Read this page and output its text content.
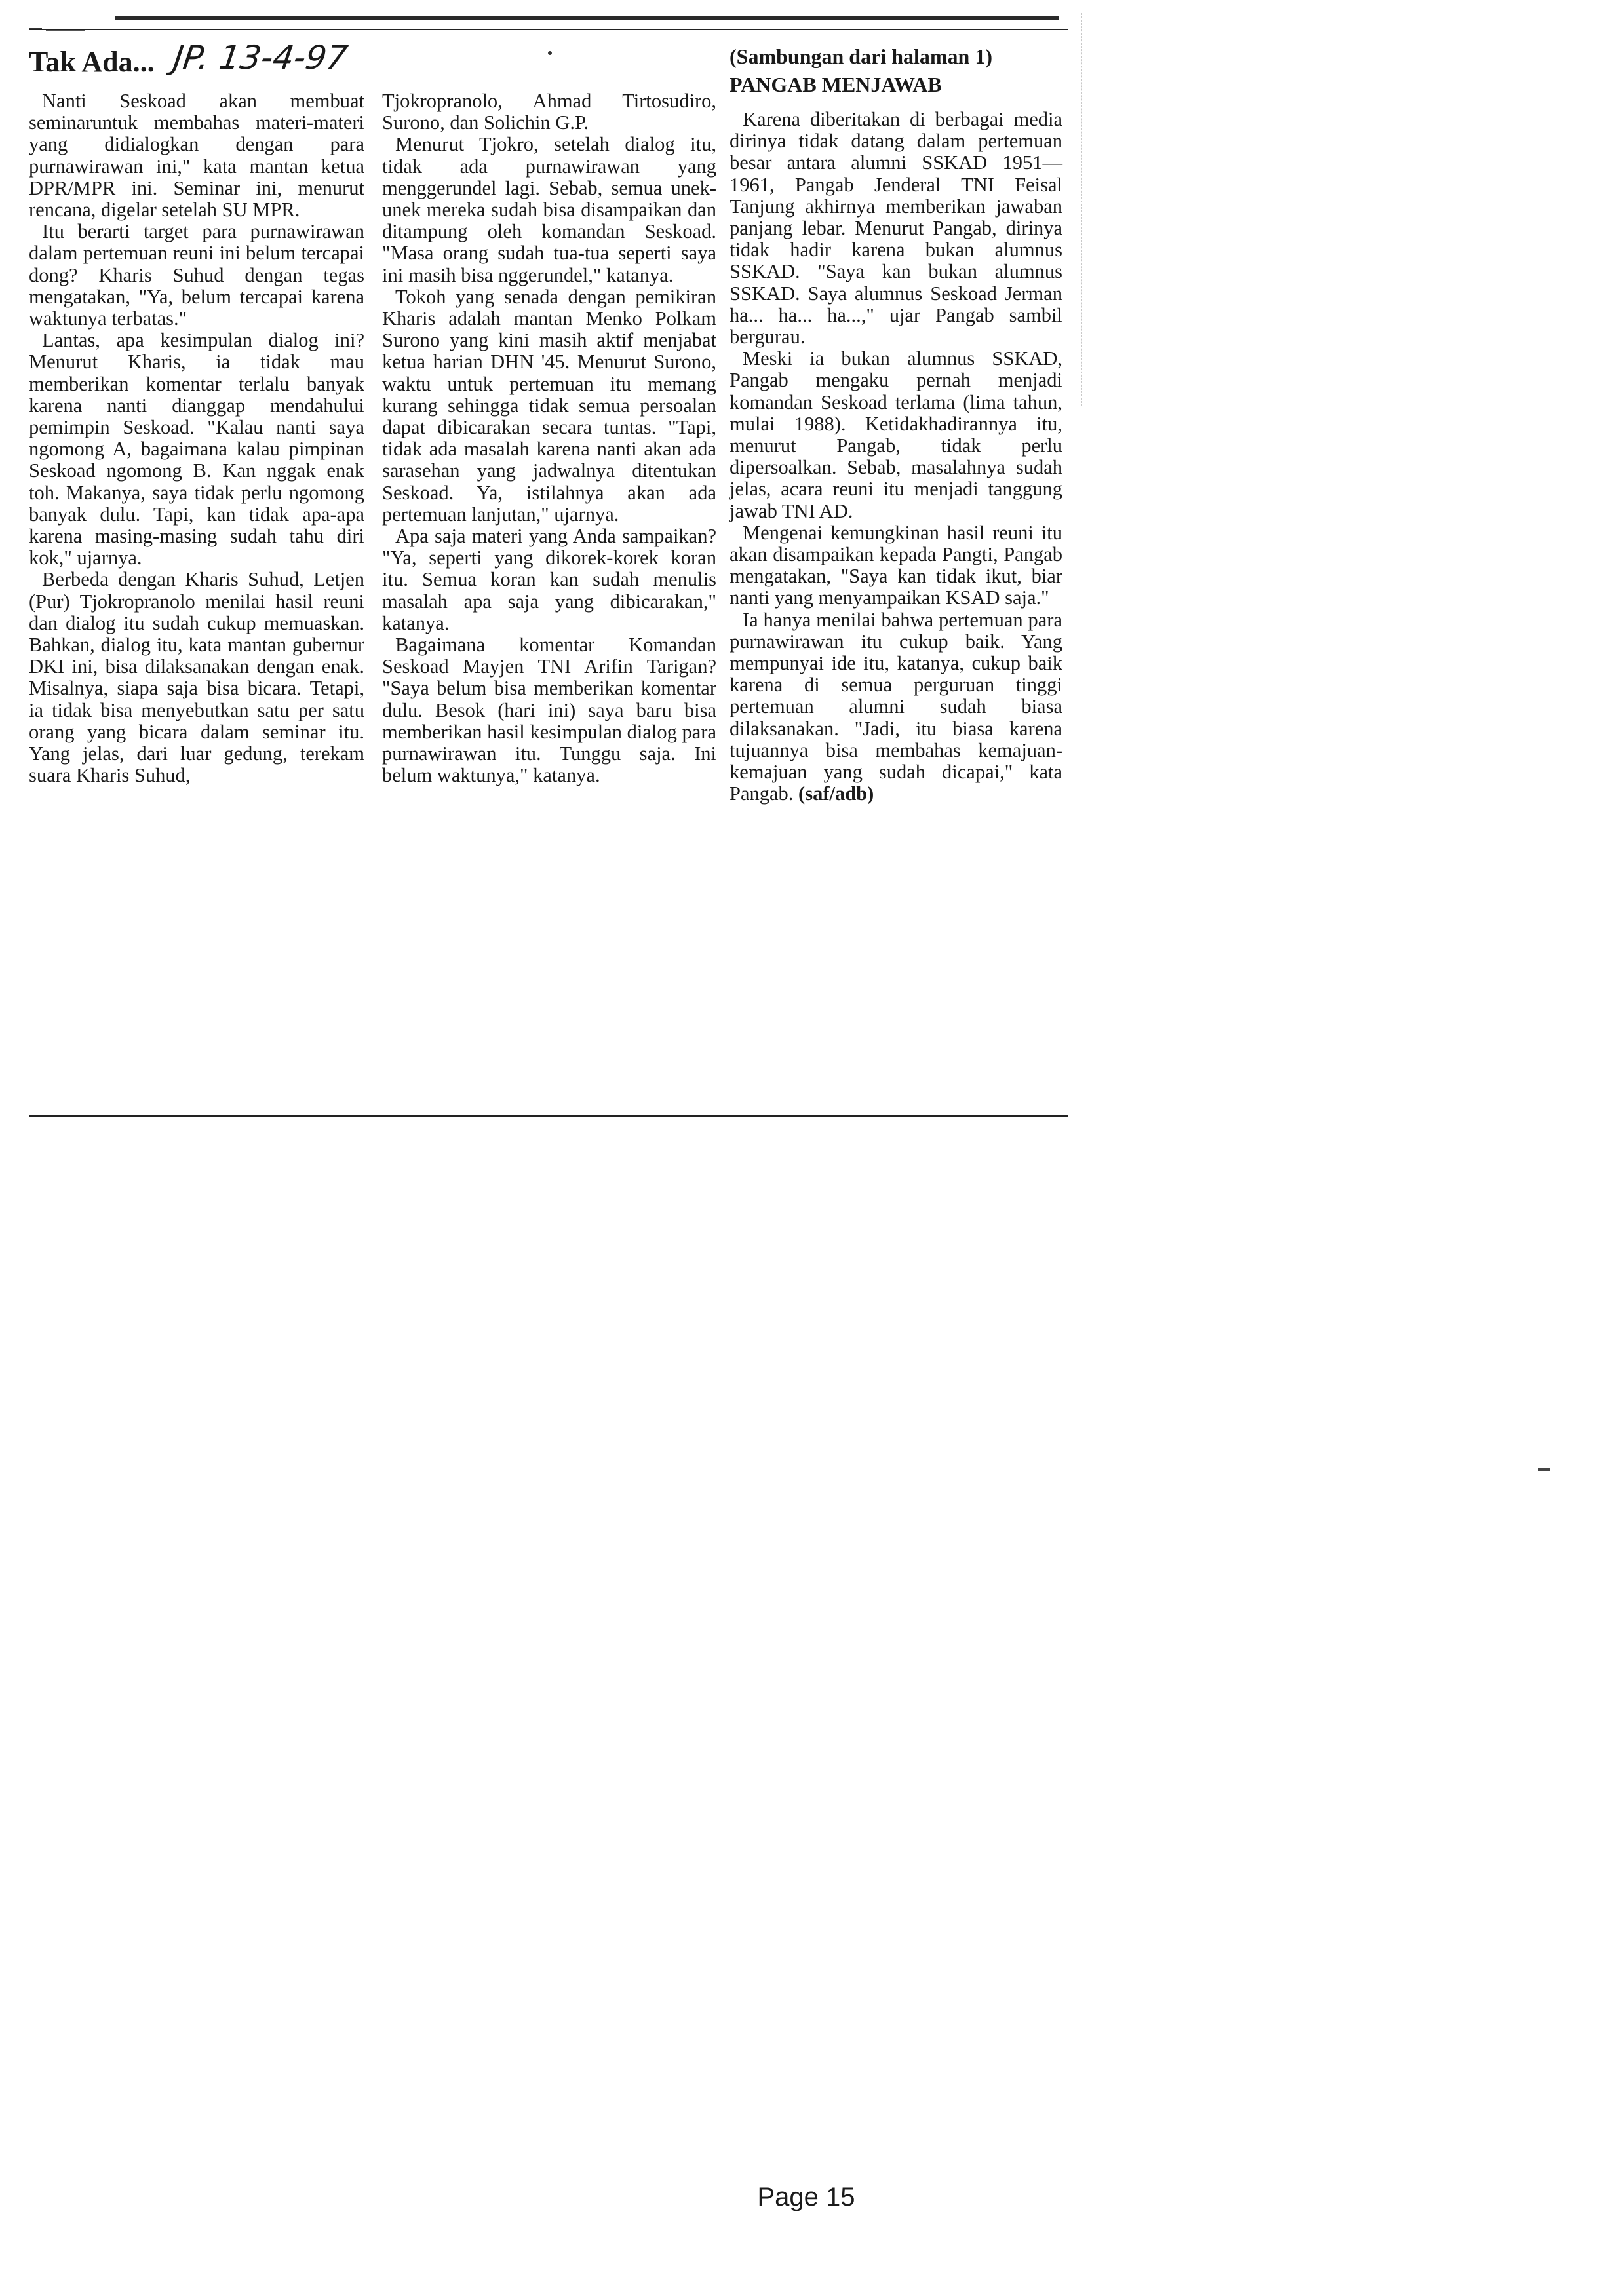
Tak Ada... JP. 13-4-97	(Sambungan dari halaman 1)
PANGAB MENJAWAB

Nanti Seskoad akan membuat seminaruntuk membahas materi-materi yang didialogkan dengan para purnawirawan ini," kata mantan ketua DPR/MPR ini. Seminar ini, menurut rencana, digelar setelah SU MPR.

Itu berarti target para purnawirawan dalam pertemuan reuni ini belum tercapai dong? Kharis Suhud dengan tegas mengatakan, "Ya, belum tercapai karena waktunya terbatas."

Lantas, apa kesimpulan dialog ini? Menurut Kharis, ia tidak mau memberikan komentar terlalu banyak karena nanti dianggap mendahului pemimpin Seskoad. "Kalau nanti saya ngomong A, bagaimana kalau pimpinan Seskoad ngomong B. Kan nggak enak toh. Makanya, saya tidak perlu ngomong banyak dulu. Tapi, kan tidak apa-apa karena masing-masing sudah tahu diri kok," ujarnya.

Berbeda dengan Kharis Suhud, Letjen (Pur) Tjokropranolo menilai hasil reuni dan dialog itu sudah cukup memuaskan. Bahkan, dialog itu, kata mantan gubernur DKI ini, bisa dilaksanakan dengan enak. Misalnya, siapa saja bisa bicara. Tetapi, ia tidak bisa menyebutkan satu per satu orang yang bicara dalam seminar itu. Yang jelas, dari luar gedung, terekam suara Kharis Suhud,

Tjokropranolo, Ahmad Tirtosudiro, Surono, dan Solichin G.P.

Menurut Tjokro, setelah dialog itu, tidak ada purnawirawan yang menggerundel lagi. Sebab, semua unek-unek mereka sudah bisa disampaikan dan ditampung oleh komandan Seskoad. "Masa orang sudah tua-tua seperti saya ini masih bisa nggerundel," katanya.

Tokoh yang senada dengan pemikiran Kharis adalah mantan Menko Polkam Surono yang kini masih aktif menjabat ketua harian DHN '45. Menurut Surono, waktu untuk pertemuan itu memang kurang sehingga tidak semua persoalan dapat dibicarakan secara tuntas. "Tapi, tidak ada masalah karena nanti akan ada sarasehan yang jadwalnya ditentukan Seskoad. Ya, istilahnya akan ada pertemuan lanjutan," ujarnya.

Apa saja materi yang Anda sampaikan? "Ya, seperti yang dikorek-korek koran itu. Semua koran kan sudah menulis masalah apa saja yang dibicarakan," katanya.

Bagaimana komentar Komandan Seskoad Mayjen TNI Arifin Tarigan? "Saya belum bisa memberikan komentar dulu. Besok (hari ini) saya baru bisa memberikan hasil kesimpulan dialog para purnawirawan itu. Tunggu saja. Ini belum waktunya," katanya.

Karena diberitakan di berbagai media dirinya tidak datang dalam pertemuan besar antara alumni SSKAD 1951—1961, Pangab Jenderal TNI Feisal Tanjung akhirnya memberikan jawaban panjang lebar. Menurut Pangab, dirinya tidak hadir karena bukan alumnus SSKAD. "Saya kan bukan alumnus SSKAD. Saya alumnus Seskoad Jerman ha... ha... ha...," ujar Pangab sambil bergurau.

Meski ia bukan alumnus SSKAD, Pangab mengaku pernah menjadi komandan Seskoad terlama (lima tahun, mulai 1988). Ketidakhadirannya itu, menurut Pangab, tidak perlu dipersoalkan. Sebab, masalahnya sudah jelas, acara reuni itu menjadi tanggung jawab TNI AD.

Mengenai kemungkinan hasil reuni itu akan disampaikan kepada Pangti, Pangab mengatakan, "Saya kan tidak ikut, biar nanti yang menyampaikan KSAD saja."

Ia hanya menilai bahwa pertemuan para purnawirawan itu cukup baik. Yang mempunyai ide itu, katanya, cukup baik karena di semua perguruan tinggi pertemuan alumni sudah biasa dilaksanakan. "Jadi, itu biasa karena tujuannya bisa membahas kemajuan-kemajuan yang sudah dicapai," kata Pangab. (saf/adb)

Page 15
